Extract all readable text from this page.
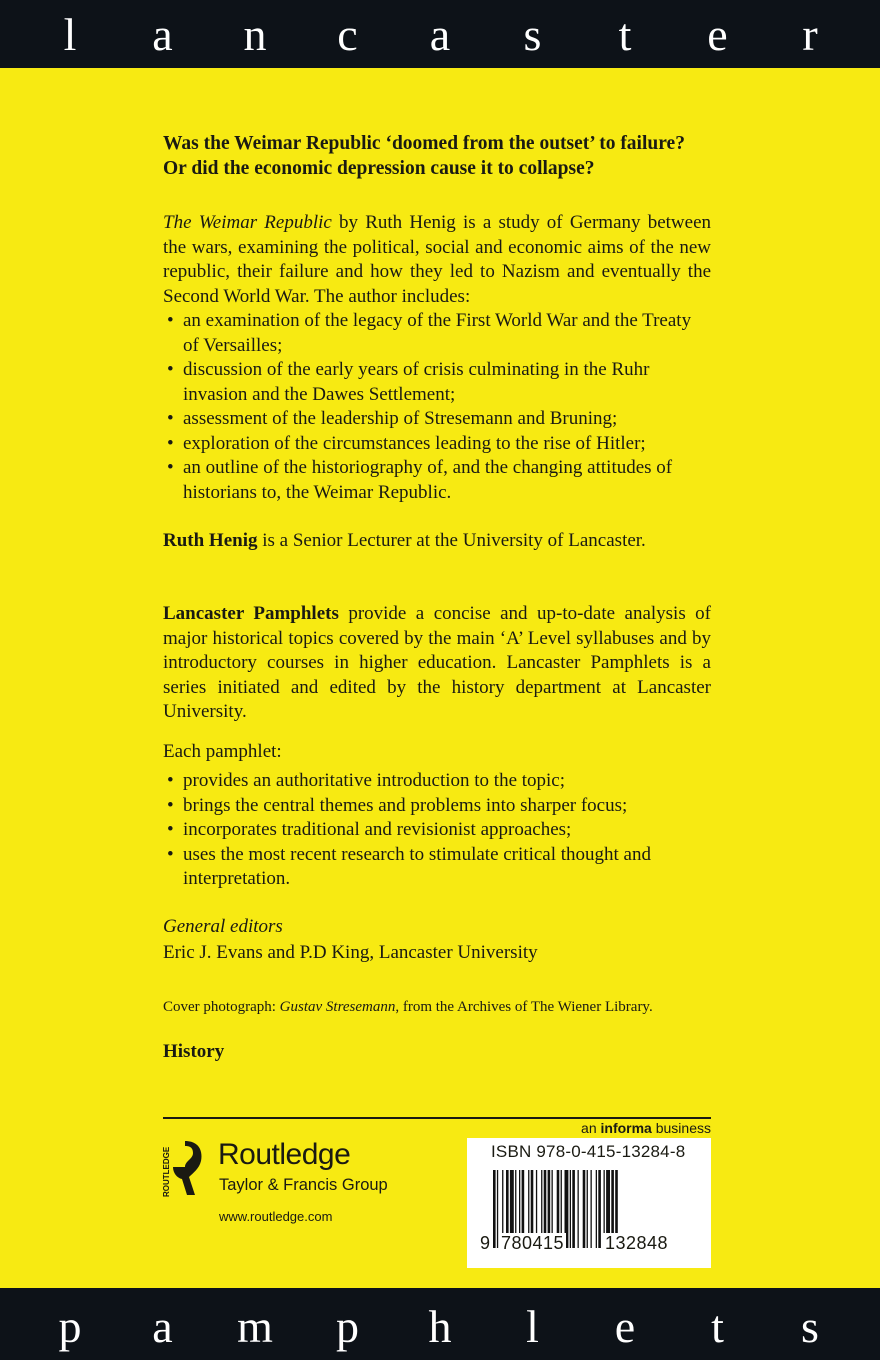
l	a	n	c	a	s	t	e	r
Was the Weimar Republic ‘doomed from the outset’ to failure?
Or did the economic depression cause it to collapse?
The Weimar Republic by Ruth Henig is a study of Germany between the wars, examining the political, social and economic aims of the new republic, their failure and how they led to Nazism and eventually the Second World War. The author includes:
• an examination of the legacy of the First World War and the Treaty of Versailles;
• discussion of the early years of crisis culminating in the Ruhr invasion and the Dawes Settlement;
• assessment of the leadership of Stresemann and Bruning;
• exploration of the circumstances leading to the rise of Hitler;
• an outline of the historiography of, and the changing attitudes of historians to, the Weimar Republic.
Ruth Henig is a Senior Lecturer at the University of Lancaster.
Lancaster Pamphlets provide a concise and up-to-date analysis of major historical topics covered by the main ‘A’ Level syllabuses and by introductory courses in higher education. Lancaster Pamphlets is a series initiated and edited by the history department at Lancaster University.
Each pamphlet:
• provides an authoritative introduction to the topic;
• brings the central themes and problems into sharper focus;
• incorporates traditional and revisionist approaches;
• uses the most recent research to stimulate critical thought and interpretation.
General editors
Eric J. Evans and P.D King, Lancaster University
Cover photograph: Gustav Stresemann, from the Archives of The Wiener Library.
History
an informa business
ROUTLEDGE Routledge
Taylor & Francis Group
www.routledge.com
ISBN 978-0-415-13284-8
9 780415 132848
p	a	m	p	h	l	e	t	s
